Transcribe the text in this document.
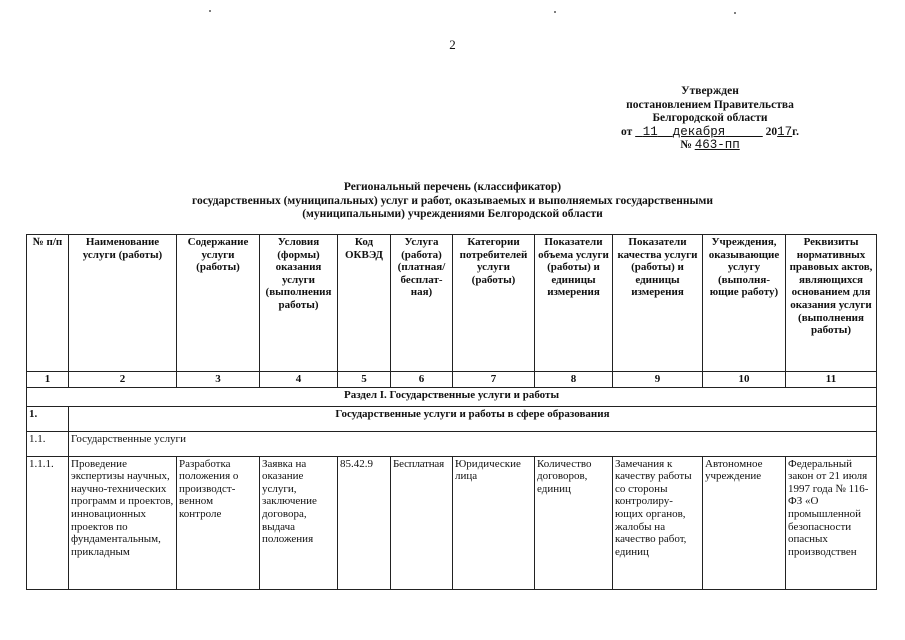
2
Утвержден
постановлением Правительства
Белгородской области
от 11 декабря	2017г.
№ 463-пп
Региональный перечень (классификатор)
государственных (муниципальных) услуг и работ, оказываемых и выполняемых государственными
(муниципальными) учреждениями Белгородской области
№ п/п	Наименование услуги (работы)	Содержание услуги (работы)	Условия (формы) оказания услуги (выполнения работы)	Код ОКВЭД	Услуга (работа) (платная/ бесплат-ная)	Категории потребителей услуги (работы)	Показатели объема услуги (работы) и единицы измерения	Показатели качества услуги (работы) и единицы измерения	Учреждения, оказывающие услугу (выполня-ющие работу)	Реквизиты нормативных правовых актов, являющихся основанием для оказания услуги (выполнения работы)
1	2	3	4	5	6	7	8	9	10	11
Раздел I. Государственные услуги и работы										
1.	Государственные услуги и работы в сфере образования									
1.1.	Государственные услуги									
1.1.1.	Проведение экспертизы научных, научно-технических программ и проектов, инновационных проектов по фундаментальным, прикладным	Разработка положения о производст-венном контроле	Заявка на оказание услуги, заключение договора, выдача положения	85.42.9	Бесплатная	Юридические лица	Количество договоров, единиц	Замечания к качеству работы со стороны контролиру-ющих органов, жалобы на качество работ, единиц	Автономное учреждение	Федеральный закон от 21 июля 1997 года № 116-ФЗ «О промышленной безопасности опасных производствен
